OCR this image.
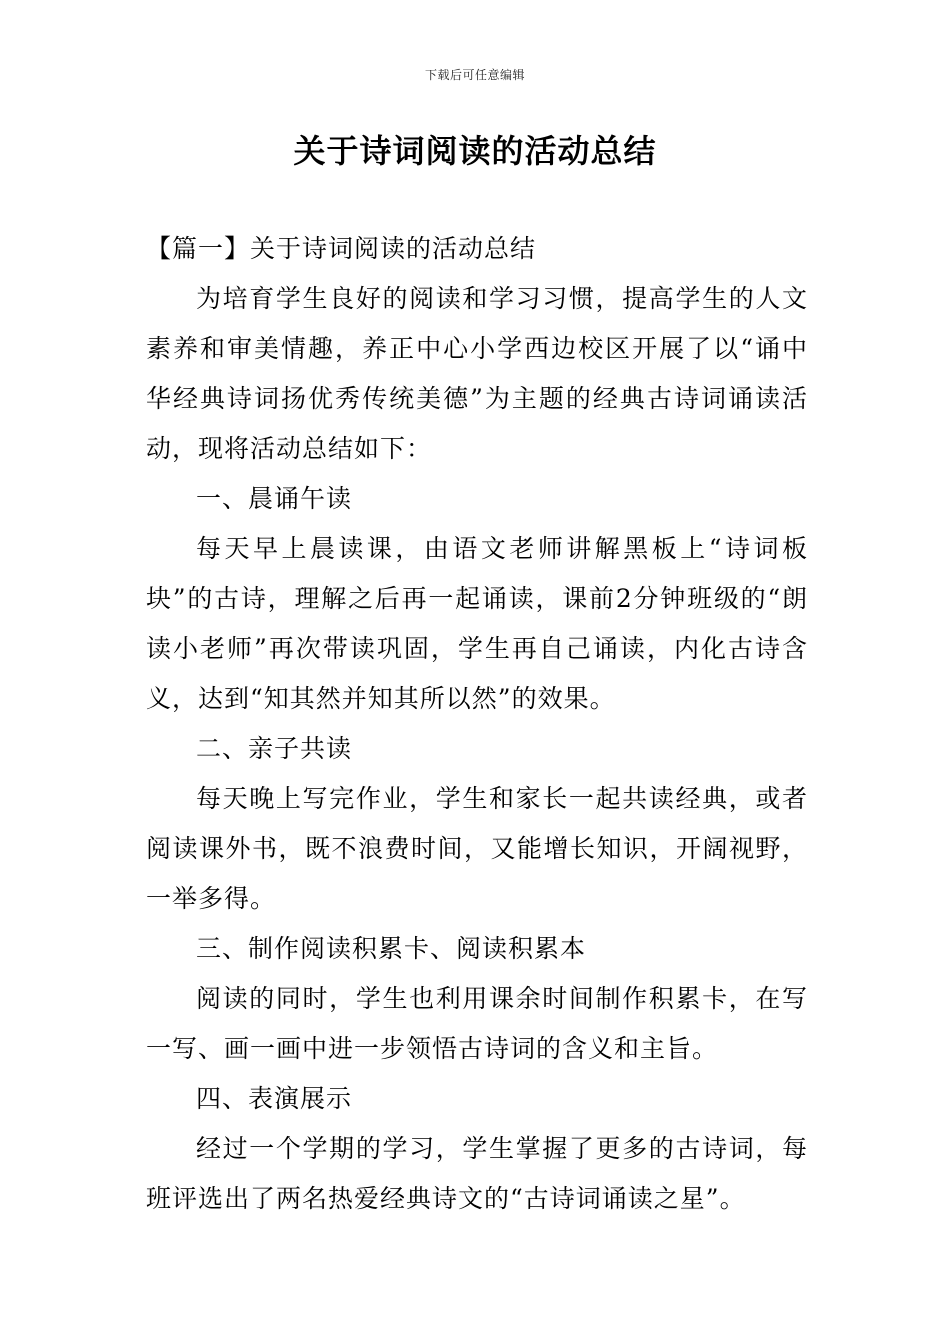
下载后可任意编辑
关于诗词阅读的活动总结

【篇一】关于诗词阅读的活动总结

为培育学生良好的阅读和学习习惯，提高学生的人文素养和审美情趣，养正中心小学西边校区开展了以“诵中华经典诗词扬优秀传统美德”为主题的经典古诗词诵读活动，现将活动总结如下：

一、晨诵午读

每天早上晨读课，由语文老师讲解黑板上“诗词板块”的古诗，理解之后再一起诵读，课前2分钟班级的“朗读小老师”再次带读巩固，学生再自己诵读，内化古诗含义，达到“知其然并知其所以然”的效果。

二、亲子共读

每天晚上写完作业，学生和家长一起共读经典，或者阅读课外书，既不浪费时间，又能增长知识，开阔视野，一举多得。

三、制作阅读积累卡、阅读积累本

阅读的同时，学生也利用课余时间制作积累卡，在写一写、画一画中进一步领悟古诗词的含义和主旨。

四、表演展示

经过一个学期的学习，学生掌握了更多的古诗词，每班评选出了两名热爱经典诗文的“古诗词诵读之星”。
